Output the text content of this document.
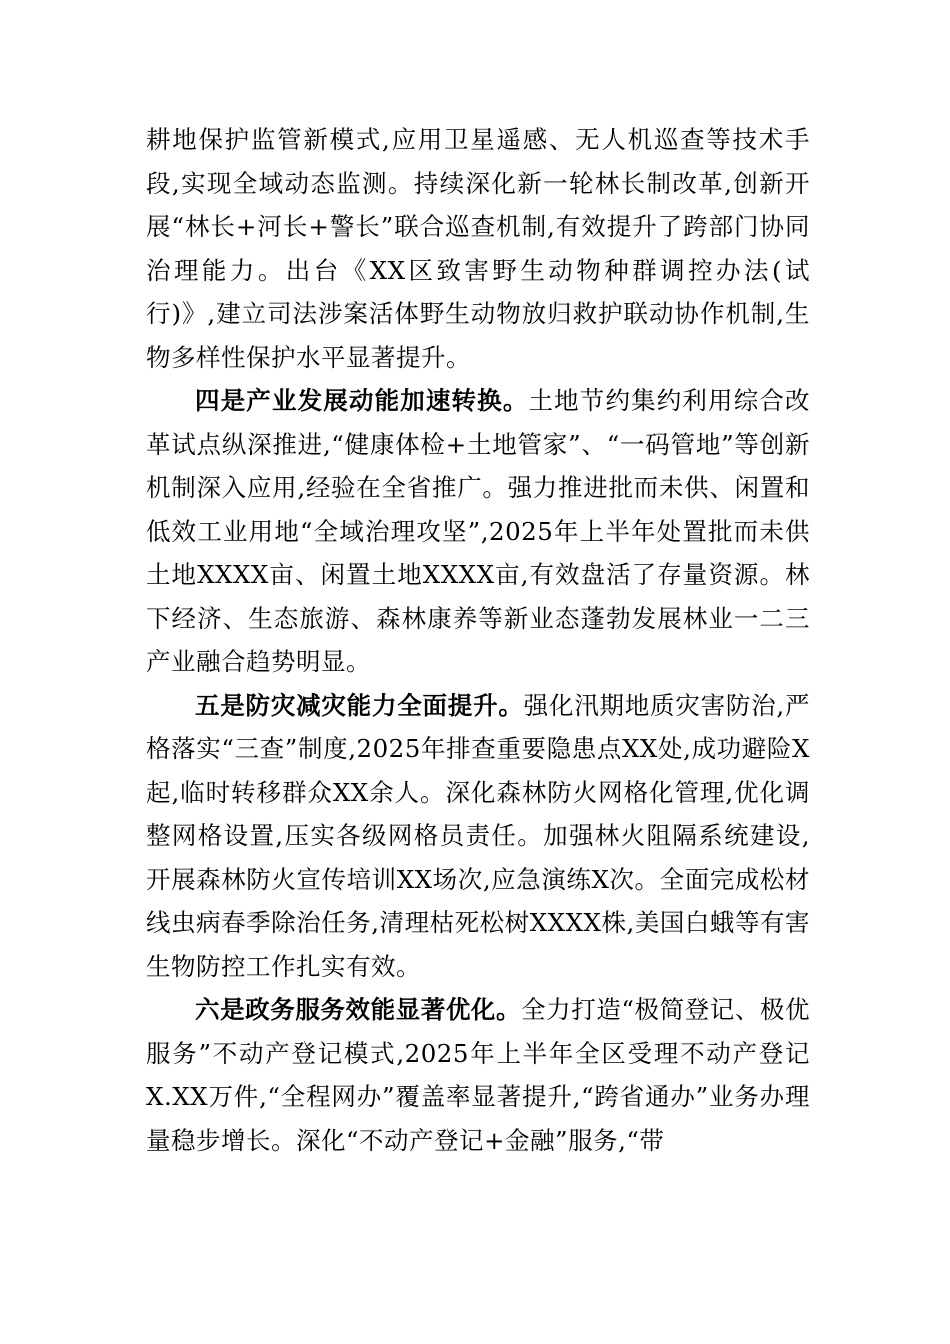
耕地保护监管新模式,应用卫星遥感、无人机巡查等技术手段,实现全域动态监测。持续深化新一轮林长制改革,创新开展“林长+河长+警长”联合巡查机制,有效提升了跨部门协同治理能力。出台《XX区致害野生动物种群调控办法(试行)》,建立司法涉案活体野生动物放归救护联动协作机制,生物多样性保护水平显著提升。

四是产业发展动能加速转换。土地节约集约利用综合改革试点纵深推进,“健康体检+土地管家”、“一码管地”等创新机制深入应用,经验在全省推广。强力推进批而未供、闲置和低效工业用地“全域治理攻坚”,2025年上半年处置批而未供土地XXXX亩、闲置土地XXXX亩,有效盘活了存量资源。林下经济、生态旅游、森林康养等新业态蓬勃发展林业一二三产业融合趋势明显。

五是防灾减灾能力全面提升。强化汛期地质灾害防治,严格落实“三查”制度,2025年排查重要隐患点XX处,成功避险X起,临时转移群众XX余人。深化森林防火网格化管理,优化调整网格设置,压实各级网格员责任。加强林火阻隔系统建设,开展森林防火宣传培训XX场次,应急演练X次。全面完成松材线虫病春季除治任务,清理枯死松树XXXX株,美国白蛾等有害生物防控工作扎实有效。

六是政务服务效能显著优化。全力打造“极简登记、极优服务”不动产登记模式,2025年上半年全区受理不动产登记X.XX万件,“全程网办”覆盖率显著提升,“跨省通办”业务办理量稳步增长。深化“不动产登记+金融”服务,“带
